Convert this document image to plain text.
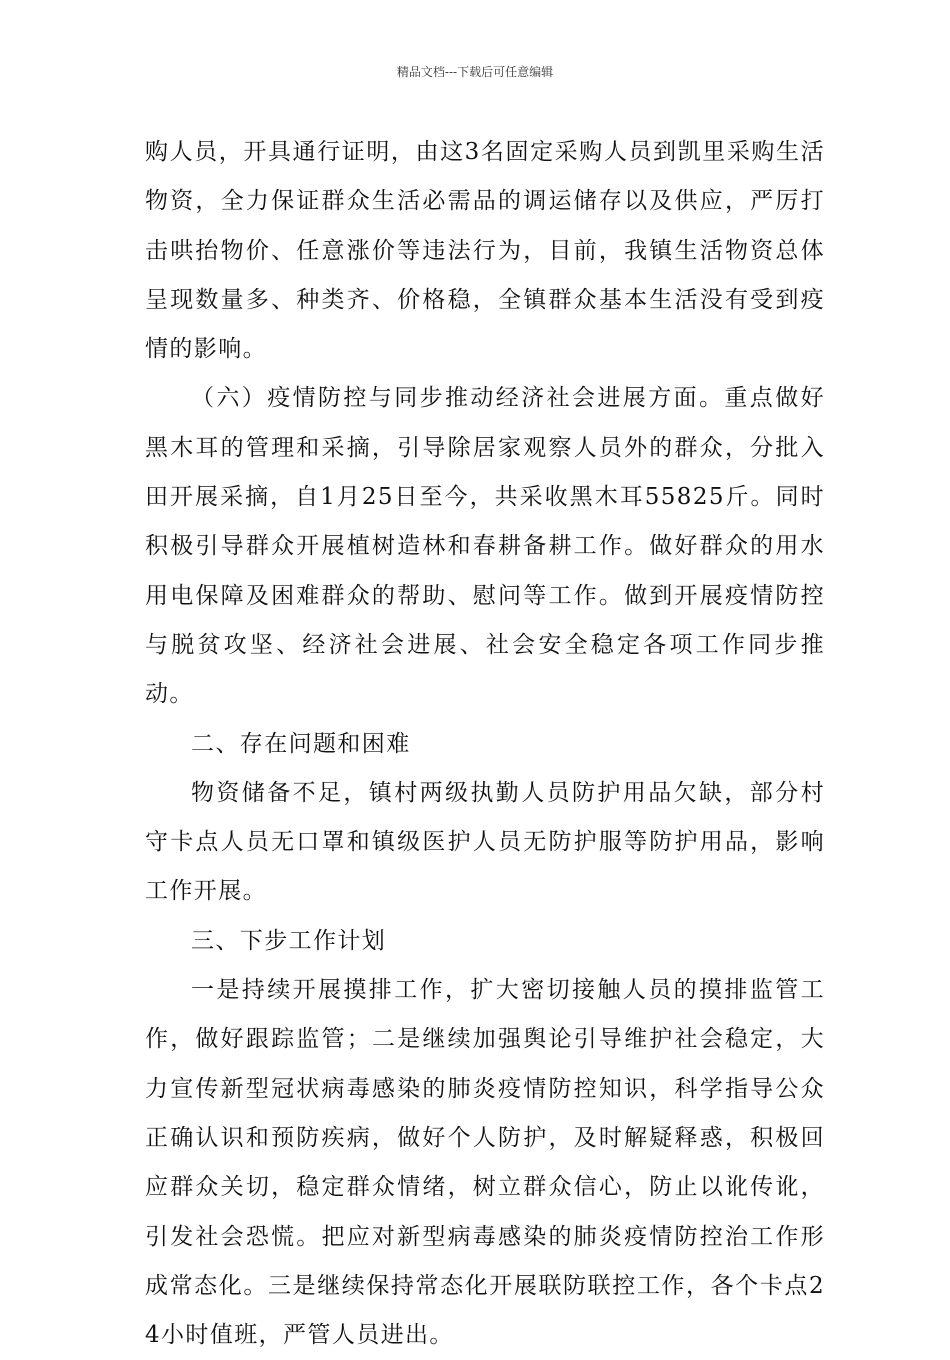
精品文档---下载后可任意编辑

购人员，开具通行证明，由这3名固定采购人员到凯里采购生活物资，全力保证群众生活必需品的调运储存以及供应，严厉打击哄抬物价、任意涨价等违法行为，目前，我镇生活物资总体呈现数量多、种类齐、价格稳，全镇群众基本生活没有受到疫情的影响。

（六）疫情防控与同步推动经济社会进展方面。重点做好黑木耳的管理和采摘，引导除居家观察人员外的群众，分批入田开展采摘，自1月25日至今，共采收黑木耳55825斤。同时积极引导群众开展植树造林和春耕备耕工作。做好群众的用水用电保障及困难群众的帮助、慰问等工作。做到开展疫情防控与脱贫攻坚、经济社会进展、社会安全稳定各项工作同步推动。

二、存在问题和困难

物资储备不足，镇村两级执勤人员防护用品欠缺，部分村守卡点人员无口罩和镇级医护人员无防护服等防护用品，影响工作开展。

三、下步工作计划

一是持续开展摸排工作，扩大密切接触人员的摸排监管工作，做好跟踪监管；二是继续加强舆论引导维护社会稳定，大力宣传新型冠状病毒感染的肺炎疫情防控知识，科学指导公众正确认识和预防疾病，做好个人防护，及时解疑释惑，积极回应群众关切，稳定群众情绪，树立群众信心，防止以讹传讹，引发社会恐慌。把应对新型病毒感染的肺炎疫情防控治工作形成常态化。三是继续保持常态化开展联防联控工作，各个卡点24小时值班，严管人员进出。
